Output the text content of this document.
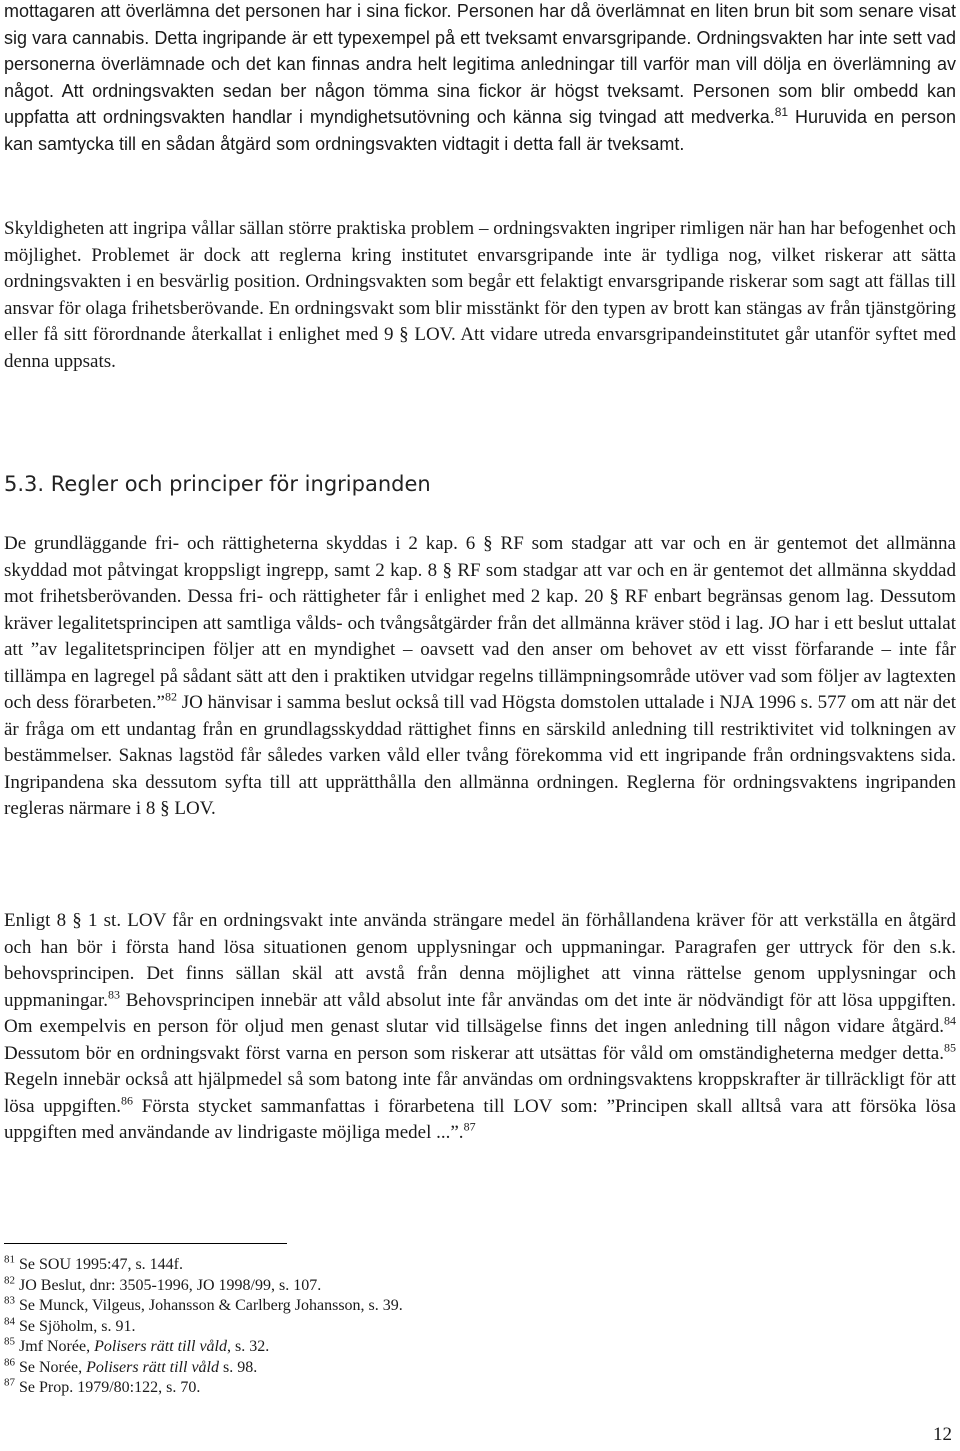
mottagaren att överlämna det personen har i sina fickor. Personen har då överlämnat en liten brun bit som senare visat sig vara cannabis. Detta ingripande är ett typexempel på ett tveksamt envarsgripande. Ordningsvakten har inte sett vad personerna överlämnade och det kan finnas andra helt legitima anledningar till varför man vill dölja en överlämning av något. Att ordningsvakten sedan ber någon tömma sina fickor är högst tveksamt. Personen som blir ombedd kan uppfatta att ordningsvakten handlar i myndighetsutövning och känna sig tvingad att medverka.$^{81}$ Huruvida en person kan samtycka till en sådan åtgärd som ordningsvakten vidtagit i detta fall är tveksamt.

Skyldigheten att ingripa vållar sällan större praktiska problem – ordningsvakten ingriper rimligen när han har befogenhet och möjlighet. Problemet är dock att reglerna kring institutet envarsgripande inte är tydliga nog, vilket riskerar att sätta ordningsvakten i en besvärlig position. Ordningsvakten som begår ett felaktigt envarsgripande riskerar som sagt att fällas till ansvar för olaga frihetsberövande. En ordningsvakt som blir misstänkt för den typen av brott kan stängas av från tjänstgöring eller få sitt förordnande återkallat i enlighet med 9 § LOV. Att vidare utreda envarsgripandeinstitutet går utanför syftet med denna uppsats.

5.3. Regler och principer för ingripanden

De grundläggande fri- och rättigheterna skyddas i 2 kap. 6 § RF som stadgar att var och en är gentemot det allmänna skyddad mot påtvingat kroppsligt ingrepp, samt 2 kap. 8 § RF som stadgar att var och en är gentemot det allmänna skyddad mot frihetsberövanden. Dessa fri- och rättigheter får i enlighet med 2 kap. 20 § RF enbart begränsas genom lag. Dessutom kräver legalitetsprincipen att samtliga vålds- och tvångsåtgärder från det allmänna kräver stöd i lag. JO har i ett beslut uttalat att ”av legalitetsprincipen följer att en myndighet – oavsett vad den anser om behovet av ett visst förfarande – inte får tillämpa en lagregel på sådant sätt att den i praktiken utvidgar regelns tillämpningsområde utöver vad som följer av lagtexten och dess förarbeten.”$^{82}$ JO hänvisar i samma beslut också till vad Högsta domstolen uttalade i NJA 1996 s. 577 om att när det är fråga om ett undantag från en grundlagsskyddad rättighet finns en särskild anledning till restriktivitet vid tolkningen av bestämmelser. Saknas lagstöd får således varken våld eller tvång förekomma vid ett ingripande från ordningsvaktens sida. Ingripandena ska dessutom syfta till att upprätthålla den allmänna ordningen. Reglerna för ordningsvaktens ingripanden regleras närmare i 8 § LOV.

Enligt 8 § 1 st. LOV får en ordningsvakt inte använda strängare medel än förhållandena kräver för att verkställa en åtgärd och han bör i första hand lösa situationen genom upplysningar och uppmaningar. Paragrafen ger uttryck för den s.k. behovsprincipen. Det finns sällan skäl att avstå från denna möjlighet att vinna rättelse genom upplysningar och uppmaningar.$^{83}$ Behovsprincipen innebär att våld absolut inte får användas om det inte är nödvändigt för att lösa uppgiften. Om exempelvis en person för oljud men genast slutar vid tillsägelse finns det ingen anledning till någon vidare åtgärd.$^{84}$ Dessutom bör en ordningsvakt först varna en person som riskerar att utsättas för våld om omständigheterna medger detta.$^{85}$ Regeln innebär också att hjälpmedel så som batong inte får användas om ordningsvaktens kroppskrafter är tillräckligt för att lösa uppgiften.$^{86}$ Första stycket sammanfattas i förarbetena till LOV som: ”Principen skall alltså vara att försöka lösa uppgiften med användande av lindrigaste möjliga medel ...”.$^{87}$

$^{81}$ Se SOU 1995:47, s. 144f.

$^{82}$ JO Beslut, dnr: 3505-1996, JO 1998/99, s. 107.

$^{83}$ Se Munck, Vilgeus, Johansson & Carlberg Johansson, s. 39.

$^{84}$ Se Sjöholm, s. 91.

$^{85}$ Jmf Norée, Polisers rätt till våld, s. 32.

$^{86}$ Se Norée, Polisers rätt till våld s. 98.

$^{87}$ Se Prop. 1979/80:122, s. 70.

12
